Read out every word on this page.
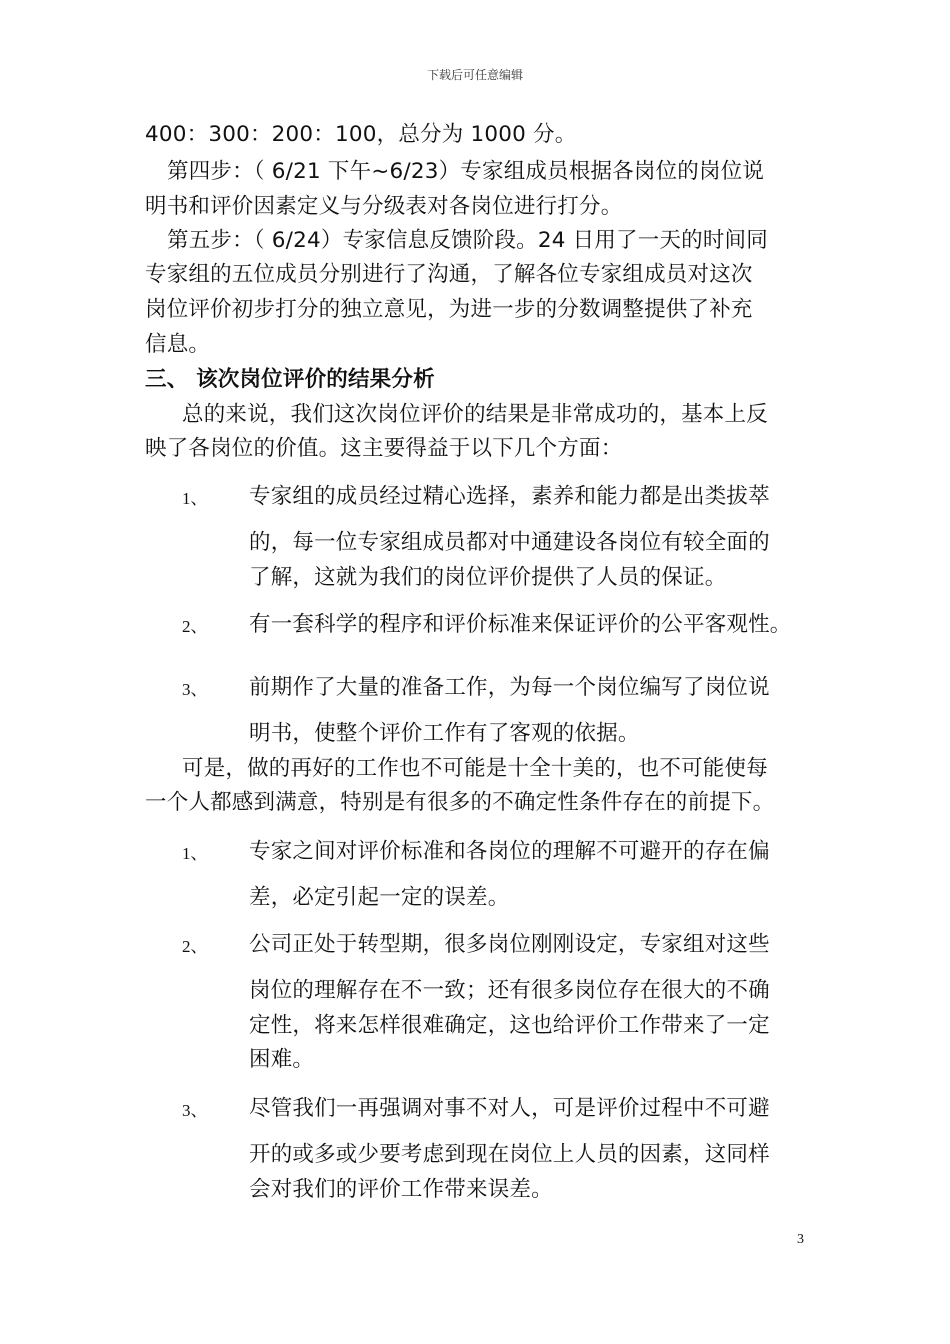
下载后可任意编辑
400：300：200：100，总分为 1000 分。
第四步：（ 6/21 下午~6/23）专家组成员根据各岗位的岗位说
明书和评价因素定义与分级表对各岗位进行打分。
第五步：（ 6/24）专家信息反馈阶段。24 日用了一天的时间同
专家组的五位成员分别进行了沟通，了解各位专家组成员对这次
岗位评价初步打分的独立意见，为进一步的分数调整提供了补充
信息。
三、 该次岗位评价的结果分析
总的来说，我们这次岗位评价的结果是非常成功的，基本上反
映了各岗位的价值。这主要得益于以下几个方面：
1、 专家组的成员经过精心选择，素养和能力都是出类拔萃
的，每一位专家组成员都对中通建设各岗位有较全面的
了解，这就为我们的岗位评价提供了人员的保证。
2、 有一套科学的程序和评价标准来保证评价的公平客观性。
3、 前期作了大量的准备工作，为每一个岗位编写了岗位说
明书，使整个评价工作有了客观的依据。
可是，做的再好的工作也不可能是十全十美的，也不可能使每
一个人都感到满意，特别是有很多的不确定性条件存在的前提下。
1、 专家之间对评价标准和各岗位的理解不可避开的存在偏
差，必定引起一定的误差。
2、 公司正处于转型期，很多岗位刚刚设定，专家组对这些
岗位的理解存在不一致；还有很多岗位存在很大的不确
定性，将来怎样很难确定，这也给评价工作带来了一定
困难。
3、 尽管我们一再强调对事不对人，可是评价过程中不可避
开的或多或少要考虑到现在岗位上人员的因素，这同样
会对我们的评价工作带来误差。
3
